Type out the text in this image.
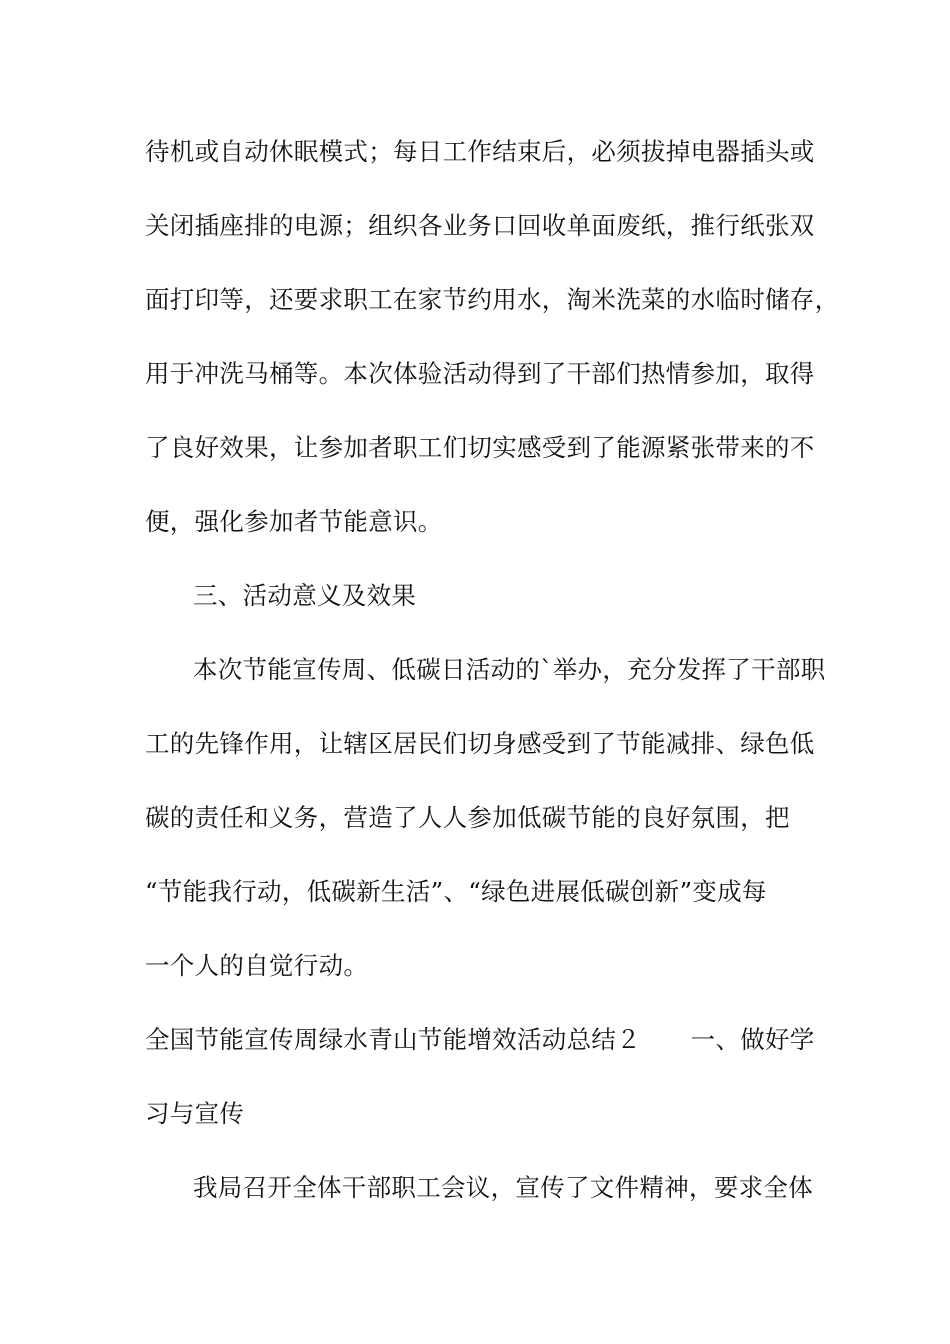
待机或自动休眠模式；每日工作结束后，必须拔掉电器插头或
关闭插座排的电源；组织各业务口回收单面废纸，推行纸张双
面打印等，还要求职工在家节约用水，淘米洗菜的水临时储存，
用于冲洗马桶等。本次体验活动得到了干部们热情参加，取得
了良好效果，让参加者职工们切实感受到了能源紧张带来的不
便，强化参加者节能意识。
三、活动意义及效果
本次节能宣传周、低碳日活动的`举办，充分发挥了干部职
工的先锋作用，让辖区居民们切身感受到了节能减排、绿色低
碳的责任和义务，营造了人人参加低碳节能的良好氛围，把
“节能我行动，低碳新生活”、“绿色进展低碳创新”变成每
一个人的自觉行动。
全国节能宣传周绿水青山节能增效活动总结２　　一、做好学
习与宣传
我局召开全体干部职工会议，宣传了文件精神，要求全体
